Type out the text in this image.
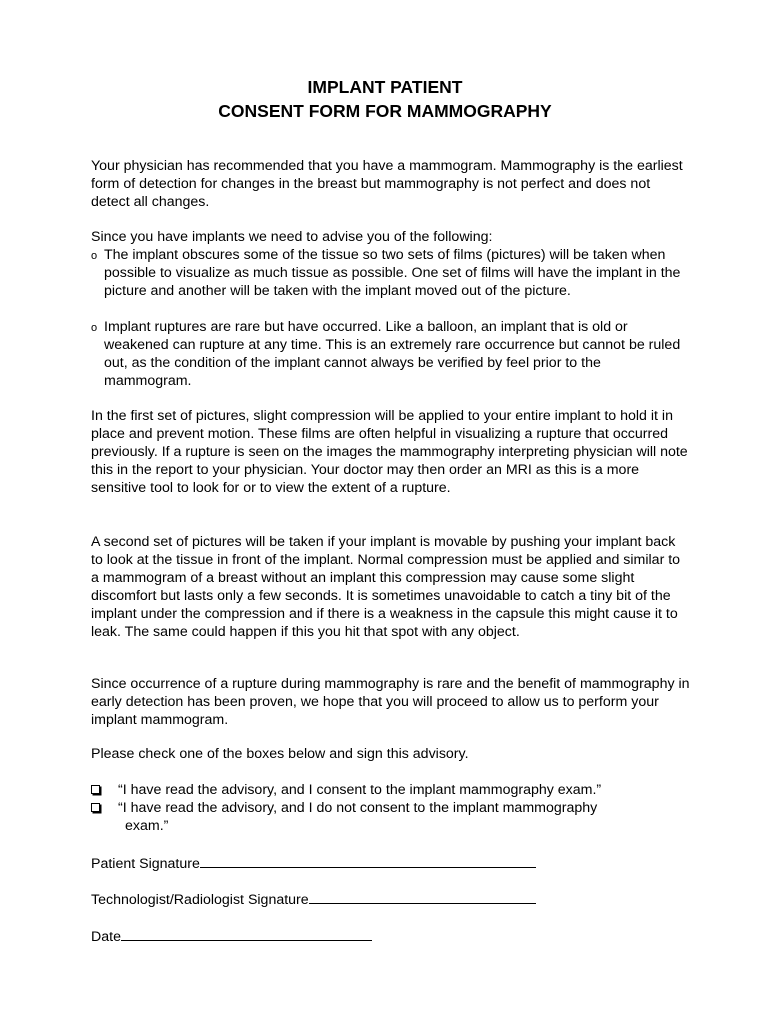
IMPLANT PATIENT
CONSENT FORM FOR MAMMOGRAPHY

Your physician has recommended that you have a mammogram. Mammography is the earliest form of detection for changes in the breast but mammography is not perfect and does not detect all changes.

Since you have implants we need to advise you of the following:

o The implant obscures some of the tissue so two sets of films (pictures) will be taken when possible to visualize as much tissue as possible. One set of films will have the implant in the picture and another will be taken with the implant moved out of the picture.
o Implant ruptures are rare but have occurred. Like a balloon, an implant that is old or weakened can rupture at any time. This is an extremely rare occurrence but cannot be ruled out, as the condition of the implant cannot always be verified by feel prior to the mammogram.

In the first set of pictures, slight compression will be applied to your entire implant to hold it in place and prevent motion. These films are often helpful in visualizing a rupture that occurred previously. If a rupture is seen on the images the mammography interpreting physician will note this in the report to your physician. Your doctor may then order an MRI as this is a more sensitive tool to look for or to view the extent of a rupture.

A second set of pictures will be taken if your implant is movable by pushing your implant back to look at the tissue in front of the implant. Normal compression must be applied and similar to a mammogram of a breast without an implant this compression may cause some slight discomfort but lasts only a few seconds. It is sometimes unavoidable to catch a tiny bit of the implant under the compression and if there is a weakness in the capsule this might cause it to leak. The same could happen if this you hit that spot with any object.

Since occurrence of a rupture during mammography is rare and the benefit of mammography in early detection has been proven, we hope that you will proceed to allow us to perform your implant mammogram.

Please check one of the boxes below and sign this advisory.

“I have read the advisory, and I consent to the implant mammography exam.”
“I have read the advisory, and I do not consent to the implant mammography
exam.”
Patient Signature
Technologist/Radiologist Signature
Date
